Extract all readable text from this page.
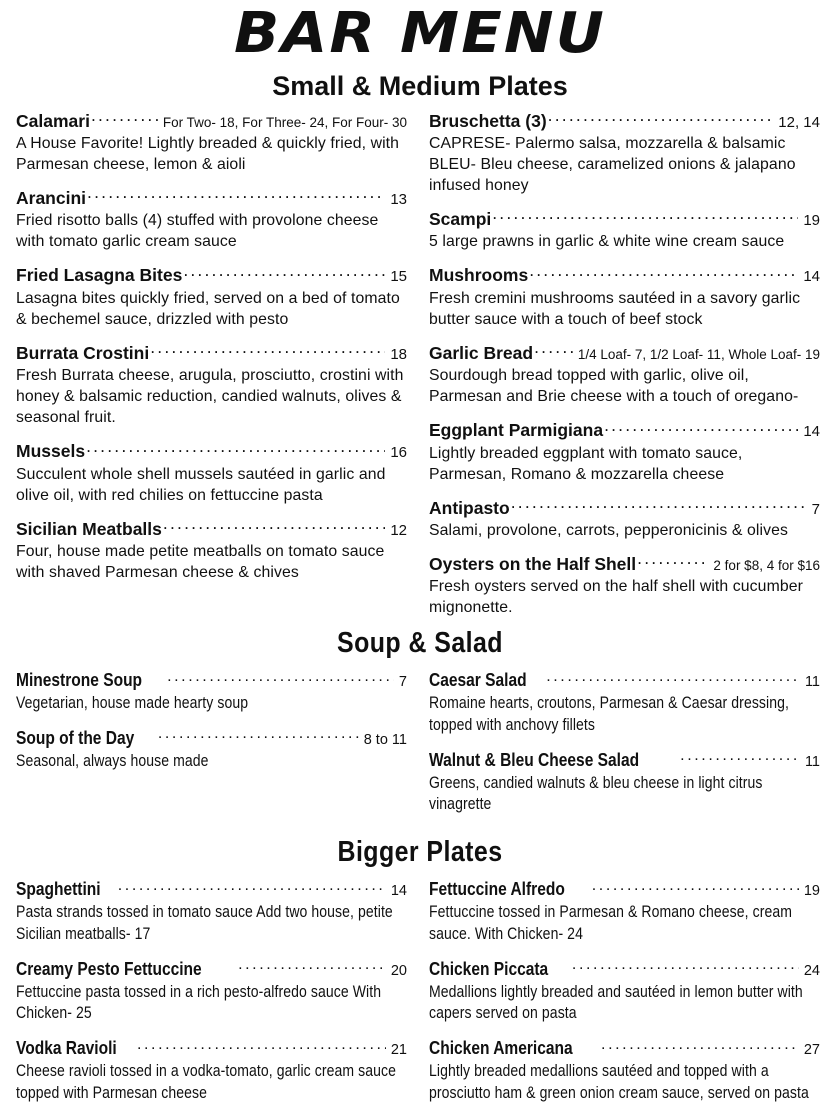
BAR MENU
Small & Medium Plates
Calamari .....	For Two- 18, For Three- 24, For Four- 30
A House Favorite! Lightly breaded & quickly fried, with Parmesan cheese, lemon & aioli
Arancini .....	13
Fried risotto balls (4) stuffed with provolone cheese with tomato garlic cream sauce
Fried Lasagna Bites .....	15
Lasagna bites quickly fried, served on a bed of tomato & bechemel sauce, drizzled with pesto
Burrata Crostini .....	18
Fresh Burrata cheese, arugula, prosciutto, crostini with honey & balsamic reduction, candied walnuts, olives & seasonal fruit.
Mussels .....	16
Succulent whole shell mussels sautéed in garlic and olive oil, with red chilies on fettuccine pasta
Sicilian Meatballs .....	12
Four, house made petite meatballs on tomato sauce with shaved Parmesan cheese & chives
Bruschetta (3) .....	12, 14
CAPRESE- Palermo salsa, mozzarella & balsamic BLEU- Bleu cheese, caramelized onions & jalapano infused honey
Scampi .....	19
5 large prawns in garlic & white wine cream sauce
Mushrooms .....	14
Fresh cremini mushrooms sautéed in a savory garlic butter sauce with a touch of beef stock
Garlic Bread .....	1/4 Loaf- 7, 1/2 Loaf- 11, Whole Loaf- 19
Sourdough bread topped with garlic, olive oil, Parmesan and Brie cheese with a touch of oregano-
Eggplant Parmigiana .....	14
Lightly breaded eggplant with tomato sauce, Parmesan, Romano & mozzarella cheese
Antipasto .....	7
Salami, provolone, carrots, pepperonicinis & olives
Oysters on the Half Shell .....	2 for $8, 4 for $16
Fresh oysters served on the half shell with cucumber mignonette.
Soup & Salad
Minestrone Soup .....	7
Vegetarian, house made hearty soup
Soup of the Day .....	8 to 11
Seasonal, always house made
Caesar Salad .....	11
Romaine hearts, croutons, Parmesan & Caesar dressing, topped with anchovy fillets
Walnut & Bleu Cheese Salad .....	11
Greens, candied walnuts & bleu cheese in light citrus vinagrette
Bigger Plates
Spaghettini .....	14
Pasta strands tossed in tomato sauce Add two house, petite Sicilian meatballs- 17
Creamy Pesto Fettuccine .....	20
Fettuccine pasta tossed in a rich pesto-alfredo sauce With Chicken- 25
Vodka Ravioli .....	21
Cheese ravioli tossed in a vodka-tomato, garlic cream sauce topped with Parmesan cheese
Fettuccine Alfredo .....	19
Fettuccine tossed in Parmesan & Romano cheese, cream sauce. With Chicken- 24
Chicken Piccata .....	24
Medallions lightly breaded and sautéed in lemon butter with capers served on pasta
Chicken Americana .....	27
Lightly breaded medallions sautéed and topped with a prosciutto ham & green onion cream sauce, served on pasta
